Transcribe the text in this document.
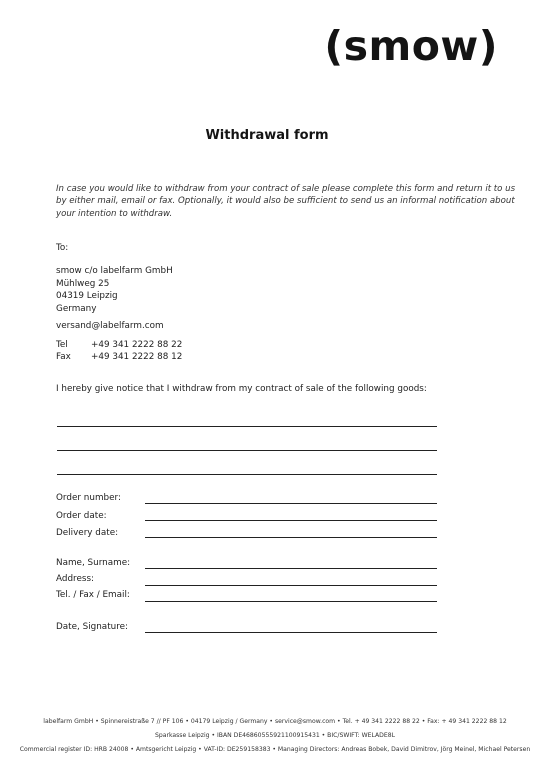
(smow)
Withdrawal form
In case you would like to withdraw from your contract of sale please complete this form and return it to us by either mail, email or fax. Optionally, it would also be sufficient to send us an informal notification about your intention to withdraw.
To:
smow c/o labelfarm GmbH
Mühlweg 25
04319 Leipzig
Germany
versand@labelfarm.com
Tel	+49 341 2222 88 22
Fax +49 341 2222 88 12
I hereby give notice that I withdraw from my contract of sale of the following goods:
Order number:
Order date:
Delivery date:
Name, Surname:
Address:
Tel. / Fax / Email:
Date, Signature:
labelfarm GmbH • Spinnereistraße 7 // PF 106 • 04179 Leipzig / Germany • service@smow.com • Tel. + 49 341 2222 88 22 • Fax: + 49 341 2222 88 12
Sparkasse Leipzig • IBAN DE46860555921100915431 • BIC/SWIFT: WELADE8L
Commercial register ID: HRB 24008 • Amtsgericht Leipzig • VAT-ID: DE259158383 • Managing Directors: Andreas Bobek, David Dimitrov, Jörg Meinel, Michael Petersen
